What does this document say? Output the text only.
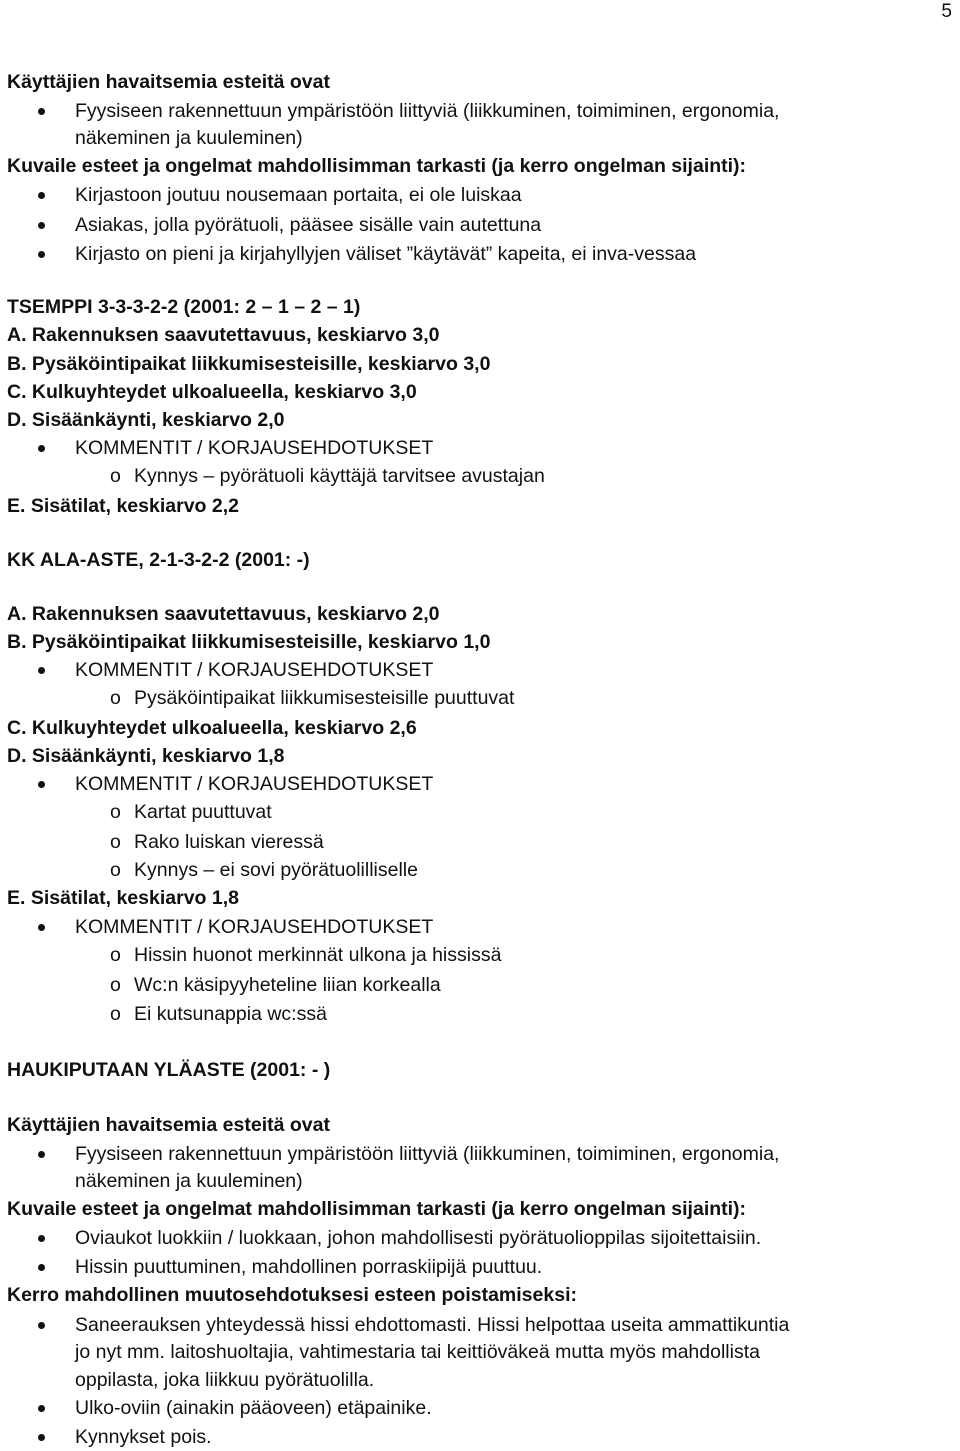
5
Käyttäjien havaitsemia esteitä ovat
Fyysiseen rakennettuun ympäristöön liittyviä (liikkuminen, toimiminen, ergonomia,
näkeminen ja kuuleminen)
Kuvaile esteet ja ongelmat mahdollisimman tarkasti (ja kerro ongelman sijainti):
Kirjastoon joutuu nousemaan portaita, ei ole luiskaa
Asiakas, jolla pyörätuoli, pääsee sisälle vain autettuna
Kirjasto on pieni ja kirjahyllyjen väliset ”käytävät” kapeita, ei inva-vessaa
TSEMPPI 3-3-3-2-2 (2001: 2 – 1 – 2 – 1)
A. Rakennuksen saavutettavuus, keskiarvo 3,0
B. Pysäköintipaikat liikkumisesteisille, keskiarvo 3,0
C. Kulkuyhteydet ulkoalueella, keskiarvo 3,0
D. Sisäänkäynti, keskiarvo 2,0
KOMMENTIT / KORJAUSEHDOTUKSET
o Kynnys – pyörätuoli käyttäjä tarvitsee avustajan
E. Sisätilat, keskiarvo 2,2
KK ALA-ASTE, 2-1-3-2-2 (2001: -)
A. Rakennuksen saavutettavuus, keskiarvo 2,0
B. Pysäköintipaikat liikkumisesteisille, keskiarvo 1,0
KOMMENTIT / KORJAUSEHDOTUKSET
o Pysäköintipaikat liikkumisesteisille puuttuvat
C. Kulkuyhteydet ulkoalueella, keskiarvo 2,6
D. Sisäänkäynti, keskiarvo 1,8
KOMMENTIT / KORJAUSEHDOTUKSET
o Kartat puuttuvat
o Rako luiskan vieressä
o Kynnys – ei sovi pyörätuolilliselle
E. Sisätilat, keskiarvo 1,8
KOMMENTIT / KORJAUSEHDOTUKSET
o Hissin huonot merkinnät ulkona ja hississä
o Wc:n käsipyyheteline liian korkealla
o Ei kutsunappia wc:ssä
HAUKIPUTAAN YLÄASTE (2001: - )
Käyttäjien havaitsemia esteitä ovat
Fyysiseen rakennettuun ympäristöön liittyviä (liikkuminen, toimiminen, ergonomia,
näkeminen ja kuuleminen)
Kuvaile esteet ja ongelmat mahdollisimman tarkasti (ja kerro ongelman sijainti):
Oviaukot luokkiin / luokkaan, johon mahdollisesti pyörätuolioppilas sijoitettaisiin.
Hissin puuttuminen, mahdollinen porraskiipijä puuttuu.
Kerro mahdollinen muutosehdotuksesi esteen poistamiseksi:
Saneerauksen yhteydessä hissi ehdottomasti. Hissi helpottaa useita ammattikuntia
jo nyt mm. laitoshuoltajia, vahtimestaria tai keittiöväkeä mutta myös mahdollista
oppilasta, joka liikkuu pyörätuolilla.
Ulko-oviin (ainakin pääoveen) etäpainike.
Kynnykset pois.
